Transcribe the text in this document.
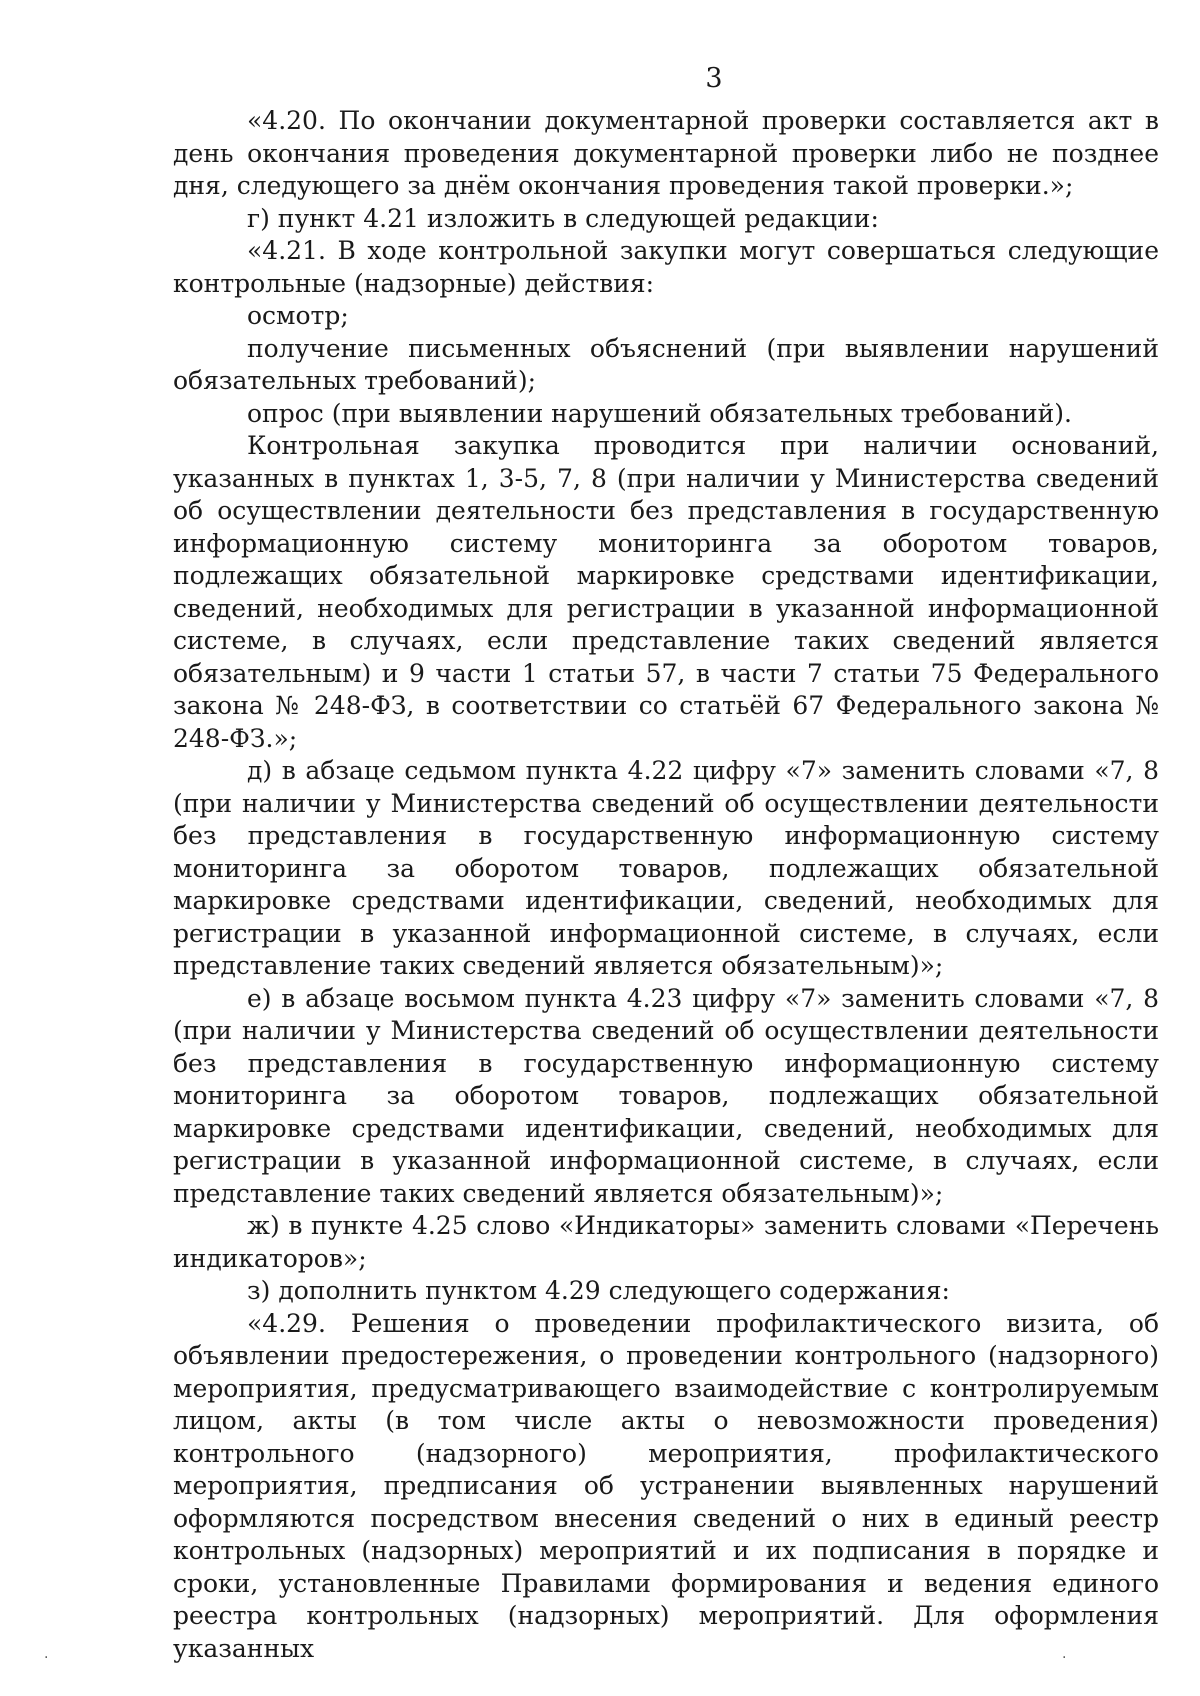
3

«4.20. По окончании документарной проверки составляется акт в день окончания проведения документарной проверки либо не позднее дня, следующего за днём окончания проведения такой проверки.»;

г) пункт 4.21 изложить в следующей редакции:

«4.21. В ходе контрольной закупки могут совершаться следующие контрольные (надзорные) действия:

осмотр;

получение письменных объяснений (при выявлении нарушений обязательных требований);

опрос (при выявлении нарушений обязательных требований).

Контрольная закупка проводится при наличии оснований, указанных в пунктах 1, 3-5, 7, 8 (при наличии у Министерства сведений об осуществлении деятельности без представления в государственную информационную систему мониторинга за оборотом товаров, подлежащих обязательной маркировке средствами идентификации, сведений, необходимых для регистрации в указанной информационной системе, в случаях, если представление таких сведений является обязательным) и 9 части 1 статьи 57, в части 7 статьи 75 Федерального закона № 248-ФЗ, в соответствии со статьёй 67 Федерального закона № 248-ФЗ.»;

д) в абзаце седьмом пункта 4.22 цифру «7» заменить словами «7, 8 (при наличии у Министерства сведений об осуществлении деятельности без представления в государственную информационную систему мониторинга за оборотом товаров, подлежащих обязательной маркировке средствами идентификации, сведений, необходимых для регистрации в указанной информационной системе, в случаях, если представление таких сведений является обязательным)»;

е) в абзаце восьмом пункта 4.23 цифру «7» заменить словами «7, 8 (при наличии у Министерства сведений об осуществлении деятельности без представления в государственную информационную систему мониторинга за оборотом товаров, подлежащих обязательной маркировке средствами идентификации, сведений, необходимых для регистрации в указанной информационной системе, в случаях, если представление таких сведений является обязательным)»;

ж) в пункте 4.25 слово «Индикаторы» заменить словами «Перечень индикаторов»;

з) дополнить пунктом 4.29 следующего содержания:

«4.29. Решения о проведении профилактического визита, об объявлении предостережения, о проведении контрольного (надзорного) мероприятия, предусматривающего взаимодействие с контролируемым лицом, акты (в том числе акты о невозможности проведения) контрольного (надзорного) мероприятия, профилактического мероприятия, предписания об устранении выявленных нарушений оформляются посредством внесения сведений о них в единый реестр контрольных (надзорных) мероприятий и их подписания в порядке и сроки, установленные Правилами формирования и ведения единого реестра контрольных (надзорных) мероприятий. Для оформления указанных

·	·
